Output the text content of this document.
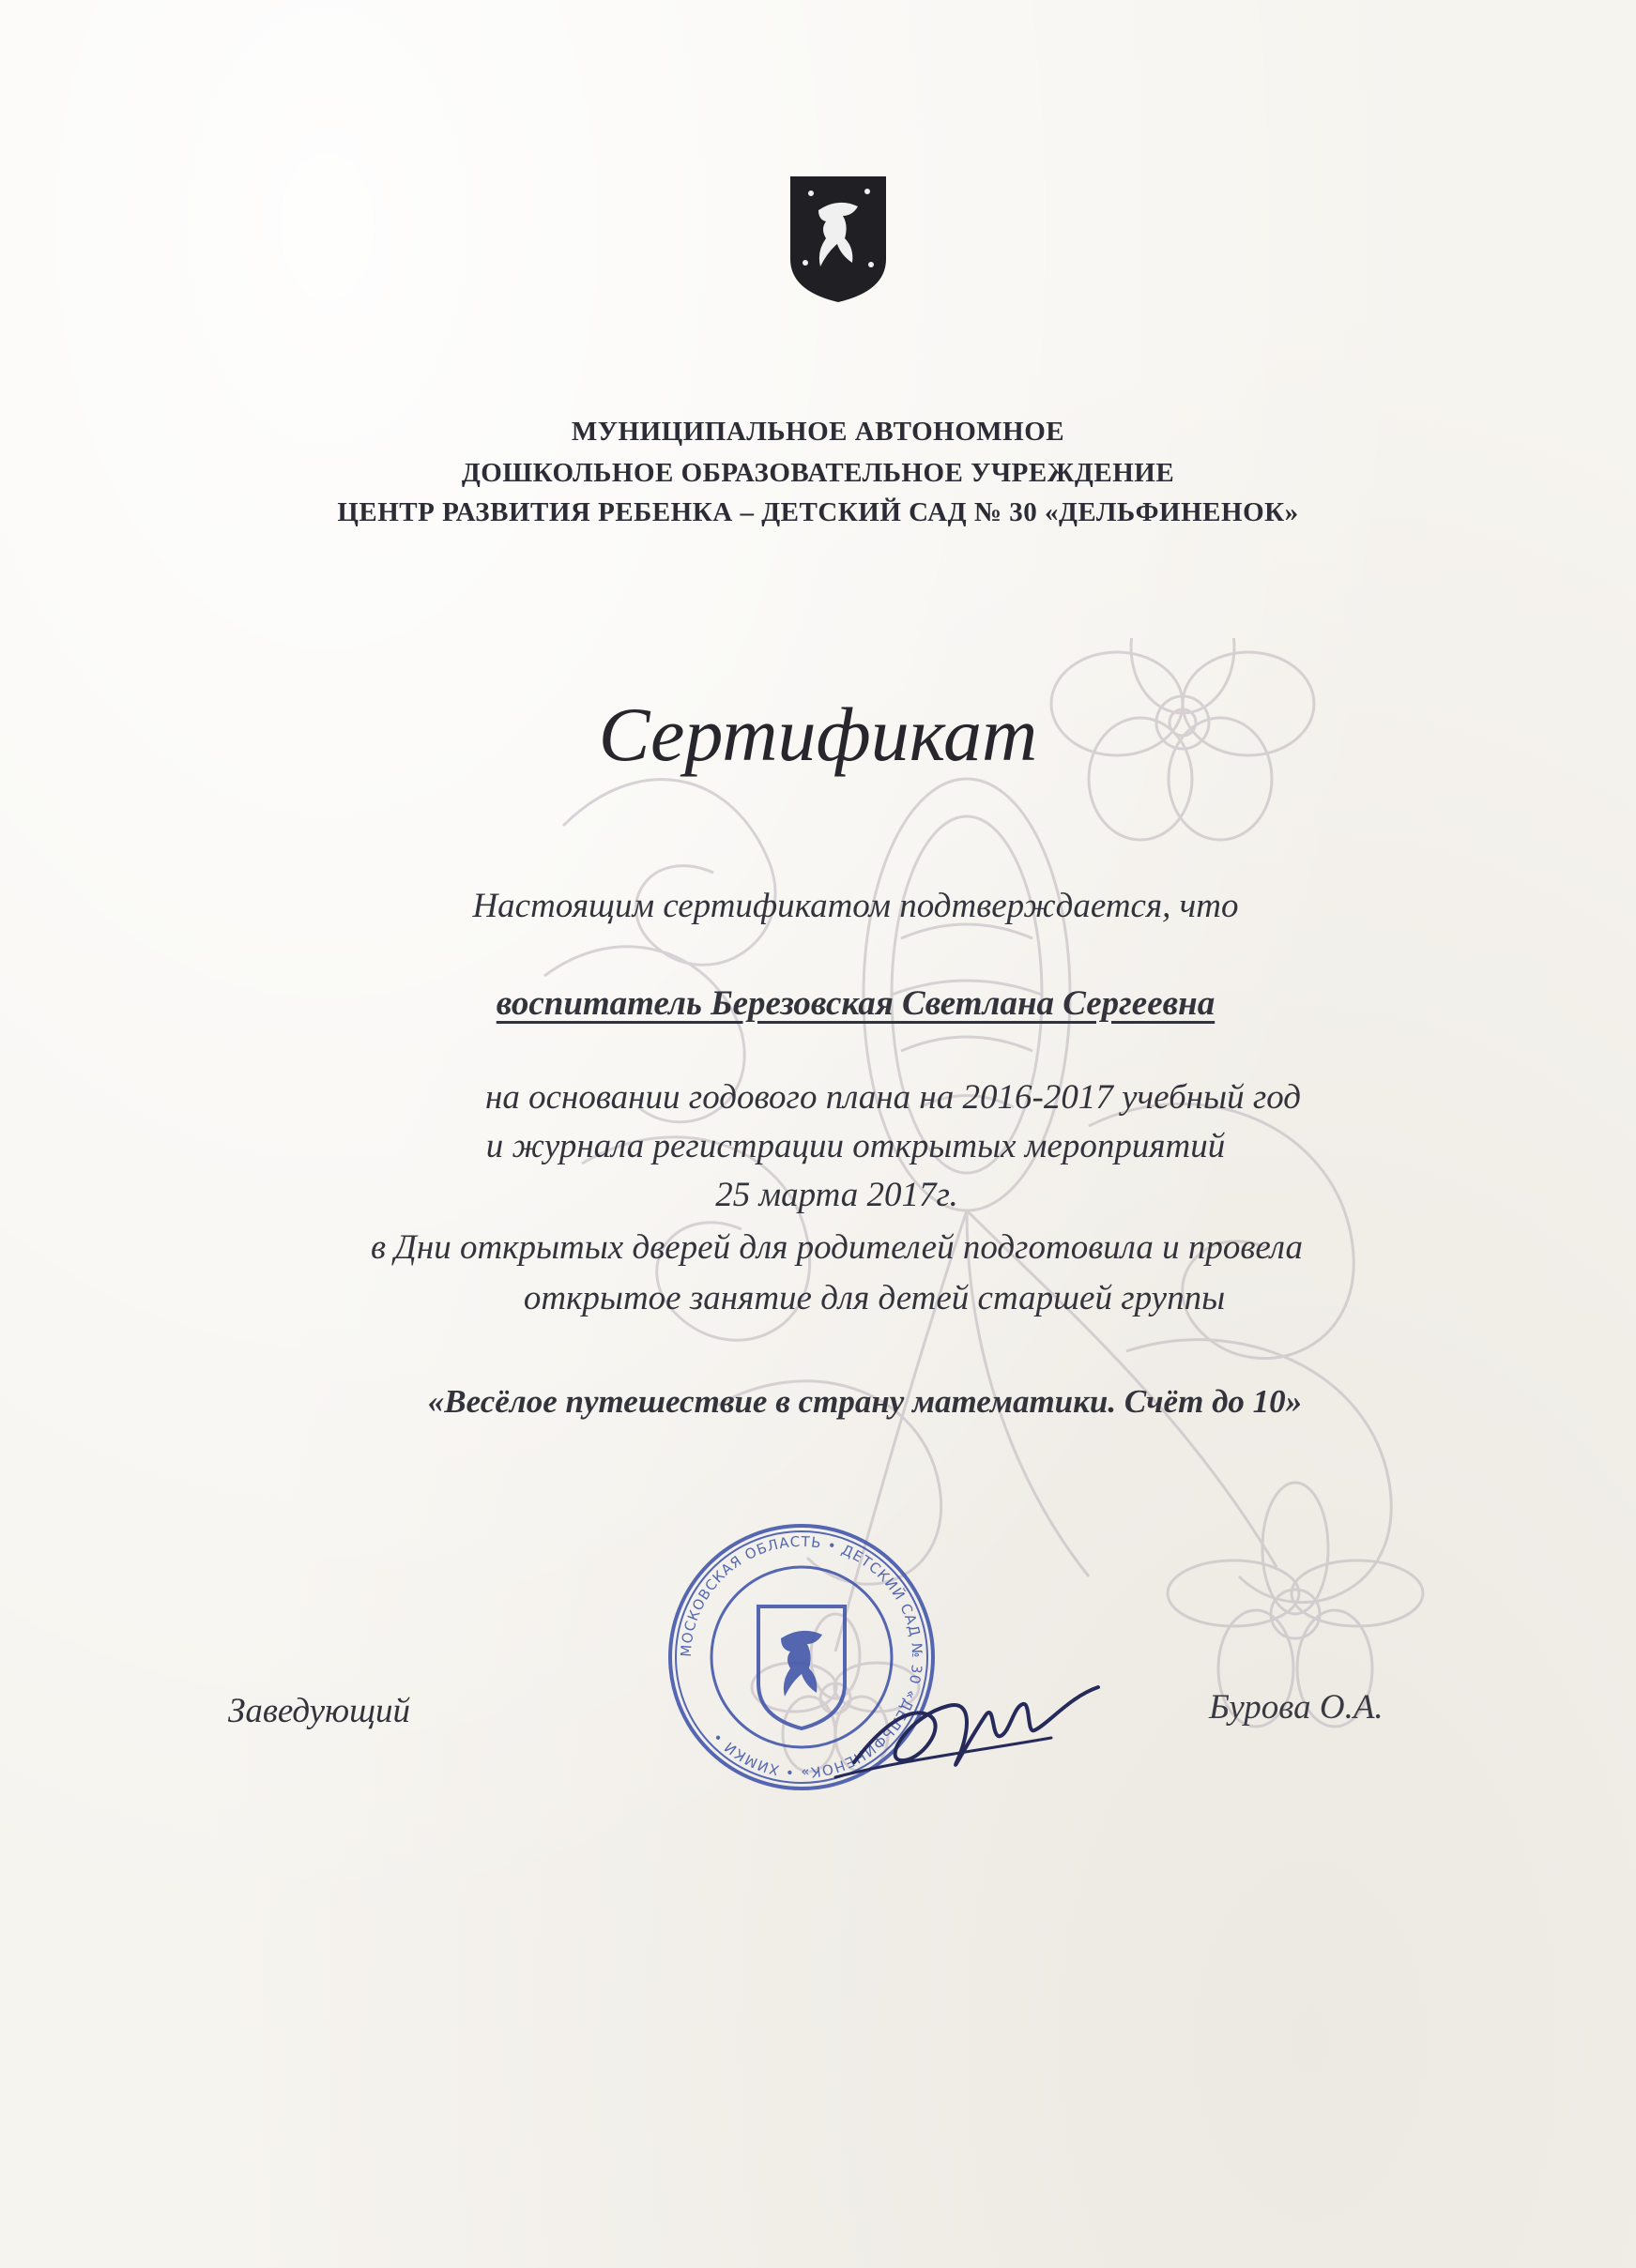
МУНИЦИПАЛЬНОЕ АВТОНОМНОЕ
ДОШКОЛЬНОЕ ОБРАЗОВАТЕЛЬНОЕ УЧРЕЖДЕНИЕ
ЦЕНТР РАЗВИТИЯ РЕБЕНКА – ДЕТСКИЙ САД № 30 «ДЕЛЬФИНЕНОК»
Сертификат
Настоящим сертификатом подтверждается, что
воспитатель Березовская Светлана Сергеевна
на основании годового плана на 2016-2017 учебный год
и журнала регистрации открытых мероприятий
25 марта 2017г.
в Дни открытых дверей для родителей подготовила и провела
открытое занятие для детей старшей группы
«Весёлое путешествие в страну математики. Счёт до 10»
МОСКОВСКАЯ ОБЛАСТЬ • ДЕТСКИЙ САД № 30 «ДЕЛЬФИНЕНОК» • ХИМКИ •
Заведующий	Бурова О.А.
